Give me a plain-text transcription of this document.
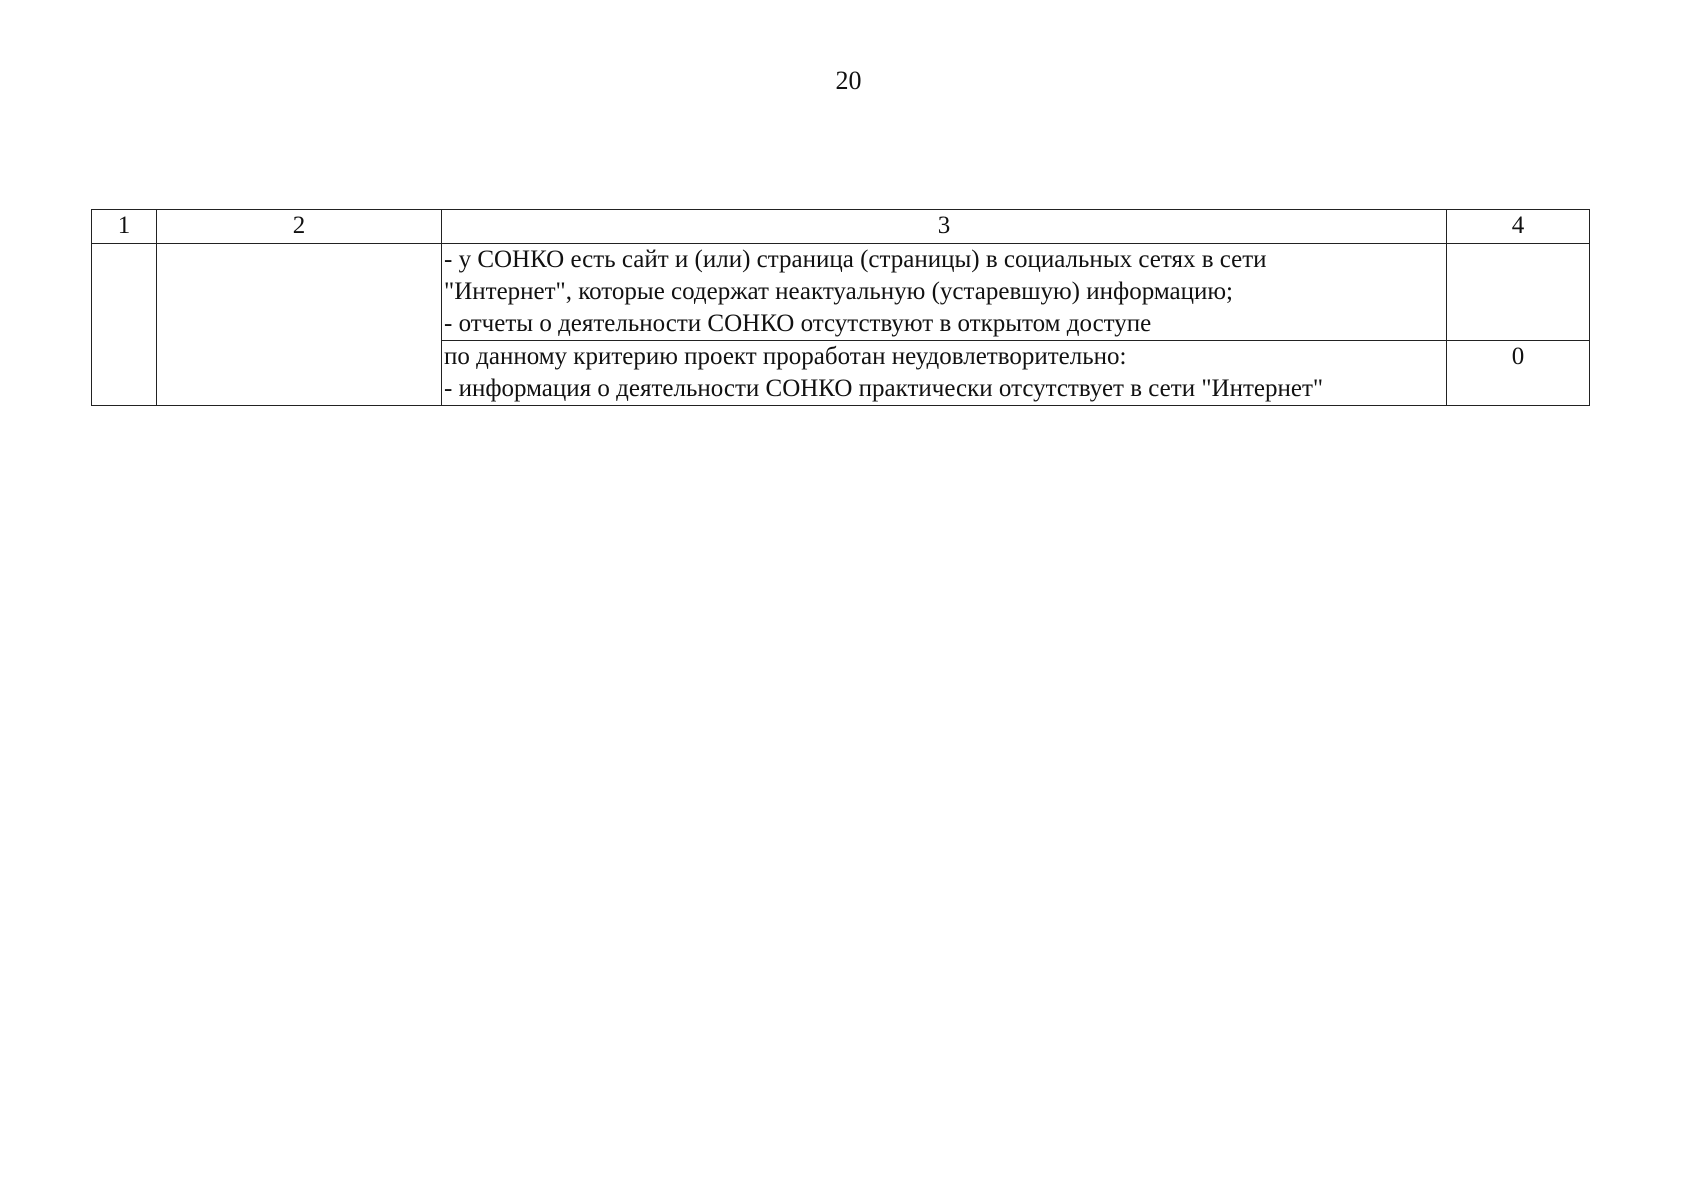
20
1	2	3	4

		- у СОНКО есть сайт и (или) страница (страницы) в социальных сетях в сети
"Интернет", которые содержат неактуальную (устаревшую) информацию;
- отчеты о деятельности СОНКО отсутствуют в открытом доступе	

		по данному критерию проект проработан неудовлетворительно:
- информация о деятельности СОНКО практически отсутствует в сети "Интернет"	0
